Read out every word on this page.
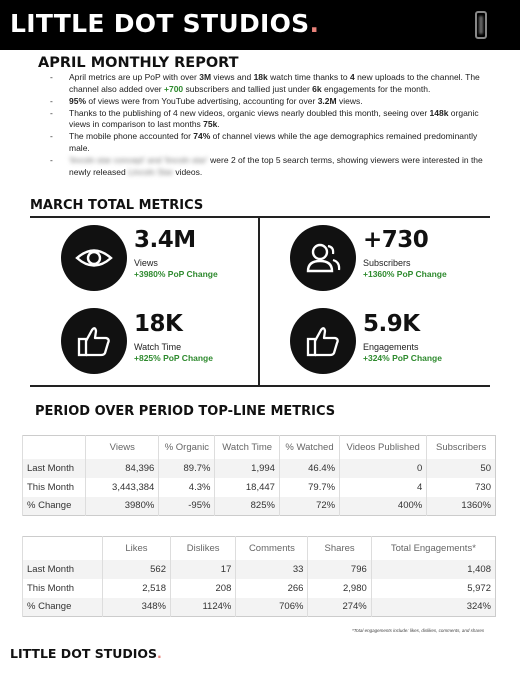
LITTLE DOT STUDIOS.
APRIL MONTHLY REPORT
- April metrics are up PoP with over 3M views and 18k watch time thanks to 4 new uploads to the channel. The channel also added over +700 subscribers and tallied just under 6k engagements for the month.
- 95% of views were from YouTube advertising, accounting for over 3.2M views.
- Thanks to the publishing of 4 new videos, organic views nearly doubled this month, seeing over 148k organic views in comparison to last months 75k.
- The mobile phone accounted for 74% of channel views while the age demographics remained predominantly male.
- 'lincoln star concept' and 'lincoln star' were 2 of the top 5 search terms, showing viewers were interested in the newly released Lincoln Star videos.
MARCH TOTAL METRICS
3.4M
Views
+3980% PoP Change
+730
Subscribers
+1360% PoP Change
18K
Watch Time
+825% PoP Change
5.9K
Engagements
+324% PoP Change
PERIOD OVER PERIOD TOP-LINE METRICS
	Views	% Organic	Watch Time	% Watched	Videos Published	Subscribers
Last Month	84,396	89.7%	1,994	46.4%	0	50
This Month	3,443,384	4.3%	18,447	79.7%	4	730
% Change	3980%	-95%	825%	72%	400%	1360%
	Likes	Dislikes	Comments	Shares	Total Engagements*
Last Month	562	17	33	796	1,408
This Month	2,518	208	266	2,980	5,972
% Change	348%	1124%	706%	274%	324%
*Total engagements include: likes, dislikes, comments, and shares
LITTLE DOT STUDIOS.
